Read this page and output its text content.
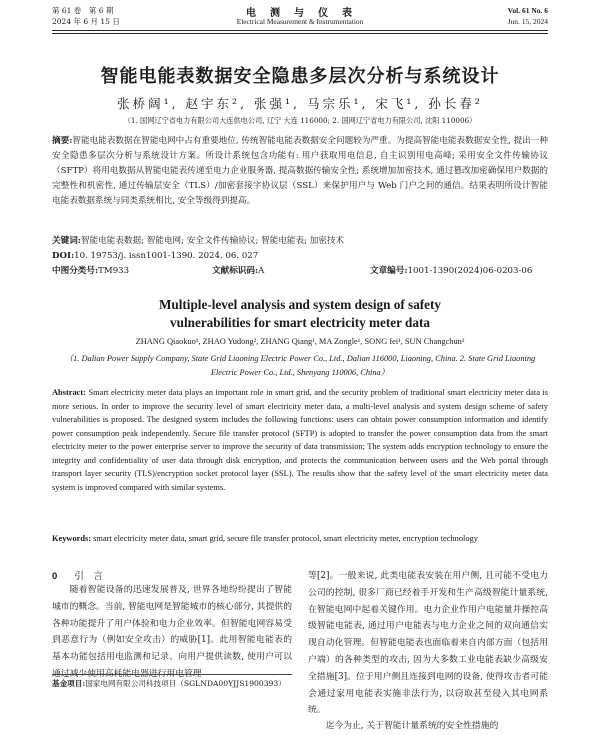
第 61 卷　第 6 期
2024 年 6 月 15 日
电　测　与　仪　表
Electrical Measurement & Instrumentation
Vol. 61 No. 6
Jun. 15, 2024
智能电能表数据安全隐患多层次分析与系统设计
张桥阔¹, 赵宇东², 张强¹, 马宗乐¹, 宋飞¹, 孙长春²
（1. 国网辽宁省电力有限公司大连供电公司, 辽宁 大连 116000; 2. 国网辽宁省电力有限公司, 沈阳 110006）
摘要:智能电能表数据在智能电网中占有重要地位, 传统智能电能表数据安全问题较为严重。为提高智能电能表数据安全性, 提出一种安全隐患多层次分析与系统设计方案。所设计系统包含功能有: 用户获取用电信息, 自主识别用电高峰; 采用安全文件传输协议（SFTP）将用电数据从智能电能表传递至电力企业服务器, 提高数据传输安全性; 系统增加加密技术, 通过篡改加密确保用户数据的完整性和机密性, 通过传输层安全（TLS）/加密套接字协议层（SSL）来保护用户与 Web 门户之间的通信。结果表明所设计智能电能表数据系统与同类系统相比, 安全等级得到提高。
关键词:智能电能表数据; 智能电网; 安全文件传输协议; 智能电能表; 加密技术
DOI:10. 19753/j. issn1001-1390. 2024. 06. 027
中图分类号:TM933	文献标识码:A	文章编号:1001-1390(2024)06-0203-06
Multiple-level analysis and system design of safety vulnerabilities for smart electricity meter data
ZHANG Qiaokuo¹, ZHAO Yudong², ZHANG Qiang¹, MA Zongle¹, SONG fei¹, SUN Changchun²
（1. Dalian Power Supply Company, State Grid Liaoning Electric Power Co., Ltd., Dalian 116000, Liaoning, China. 2. State Grid Liaoning Electric Power Co., Ltd., Shenyang 110006, China）
Abstract: Smart electricity meter data plays an important role in smart grid, and the security problem of traditional smart electricity meter data is more serious. In order to improve the security level of smart electricity meter data, a multi-level analysis and system design scheme of safety vulnerabilities is proposed. The designed system includes the following functions: users can obtain power consumption information and identify power consumption peak independently. Secure file transfer protocol (SFTP) is adopted to transfer the power consumption data from the smart electricity meter to the power enterprise server to improve the security of data transmission; The system adds encryption technology to ensure the integrity and confidentiality of user data through disk encryption, and protects the communication between users and the Web portal through transport layer security (TLS)/encryption socket protocol layer (SSL). The results show that the safety level of the smart electricity meter data system is improved compared with similar systems.
Keywords: smart electricity meter data, smart grid, secure file transfer protocol, smart electricity meter, encryption technology
0 引　言
随着智能设备的迅速发展普及, 世界各地纷纷提出了智能城市的概念。当前, 智能电网是智能城市的核心部分, 其提供的各种功能提升了用户体验和电力企业效率。但智能电网容易受到恶意行为（例如安全攻击）的威胁[1]。此用智能电能表的基本功能包括用电监测和记录、向用户提供读数, 使用户可以通过减少使用高耗能电器进行用电管理
基金项目:国家电网有限公司科技项目（SGLNDA00YJJS1900393）
等[2]。一般来说, 此类电能表安装在用户侧, 且可能不受电力公司的控制, 很多厂商已经着手开发和生产高级智能计量系统, 在智能电网中起着关键作用。电力企业作用户电能量并操控高级智能电能表, 通过用户电能表与电力企业之间的双向通信实现自动化管理。但智能电能表也面临着来自内部方面（包括用户端）的各种类型的攻击, 因为大多数工业电能表缺少高级安全措施[3]。位于用户侧且连接到电网的设备, 使得攻击者可能会通过家用电能表实施非法行为, 以窃取甚至侵入其电网系统。
迄今为止, 关于智能计量系统的安全性措施的
